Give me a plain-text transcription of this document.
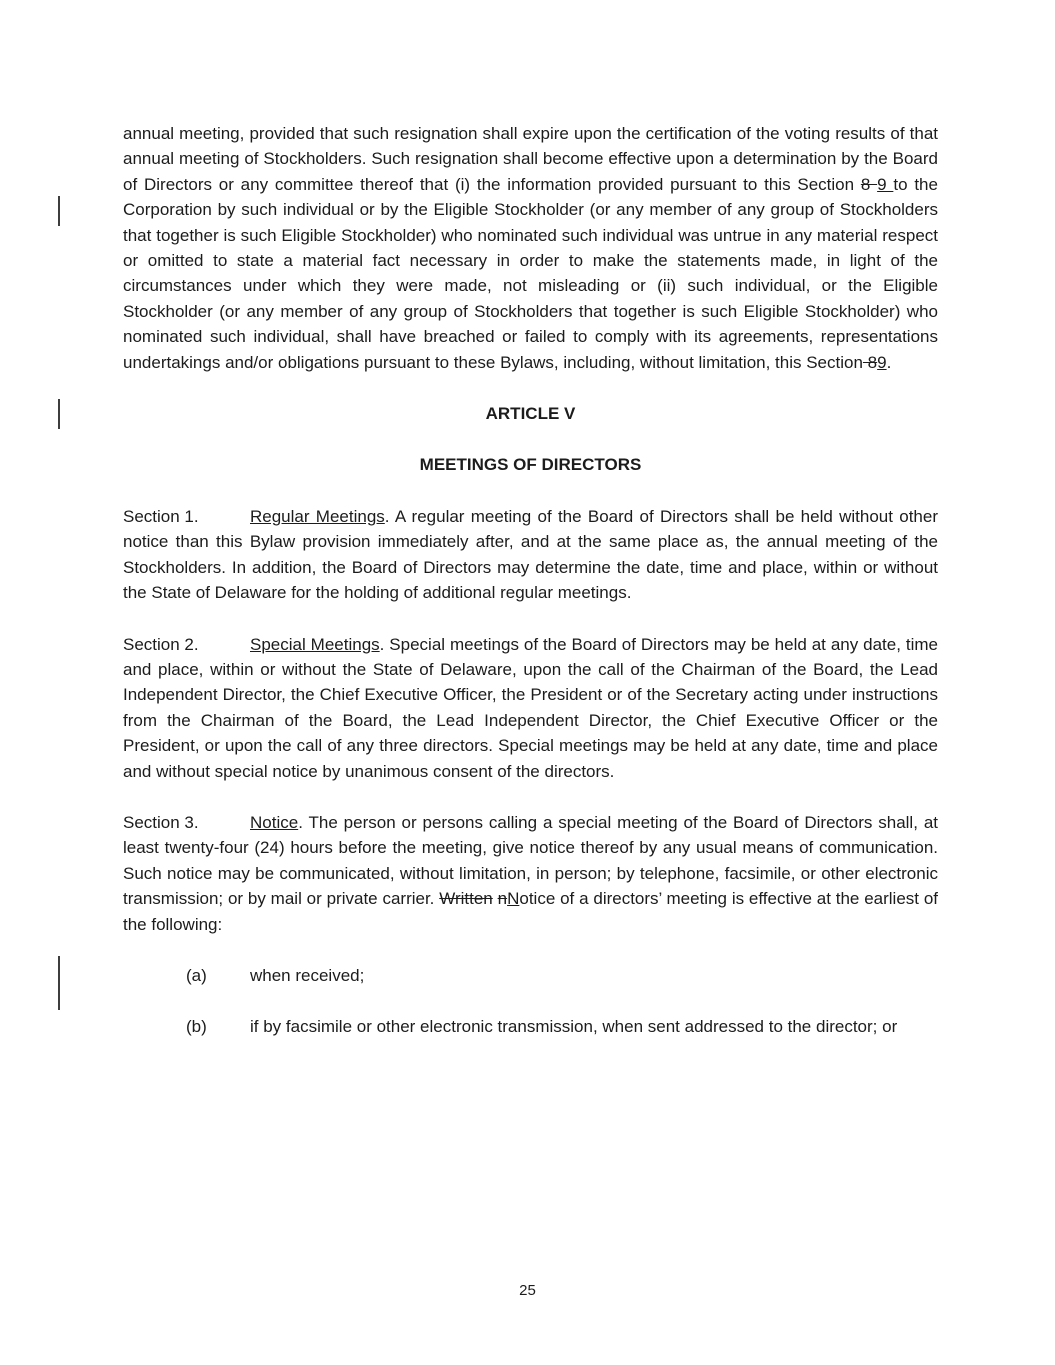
annual meeting, provided that such resignation shall expire upon the certification of the voting results of that annual meeting of Stockholders. Such resignation shall become effective upon a determination by the Board of Directors or any committee thereof that (i) the information provided pursuant to this Section 8 9 to the Corporation by such individual or by the Eligible Stockholder (or any member of any group of Stockholders that together is such Eligible Stockholder) who nominated such individual was untrue in any material respect or omitted to state a material fact necessary in order to make the statements made, in light of the circumstances under which they were made, not misleading or (ii) such individual, or the Eligible Stockholder (or any member of any group of Stockholders that together is such Eligible Stockholder) who nominated such individual, shall have breached or failed to comply with its agreements, representations undertakings and/or obligations pursuant to these Bylaws, including, without limitation, this Section 89.

ARTICLE V
MEETINGS OF DIRECTORS

Section 1.	Regular Meetings. A regular meeting of the Board of Directors shall be held without other notice than this Bylaw provision immediately after, and at the same place as, the annual meeting of the Stockholders. In addition, the Board of Directors may determine the date, time and place, within or without the State of Delaware for the holding of additional regular meetings.

Section 2.	Special Meetings. Special meetings of the Board of Directors may be held at any date, time and place, within or without the State of Delaware, upon the call of the Chairman of the Board, the Lead Independent Director, the Chief Executive Officer, the President or of the Secretary acting under instructions from the Chairman of the Board, the Lead Independent Director, the Chief Executive Officer or the President, or upon the call of any three directors. Special meetings may be held at any date, time and place and without special notice by unanimous consent of the directors.

Section 3.	Notice. The person or persons calling a special meeting of the Board of Directors shall, at least twenty-four (24) hours before the meeting, give notice thereof by any usual means of communication. Such notice may be communicated, without limitation, in person; by telephone, facsimile, or other electronic transmission; or by mail or private carrier. Written nNotice of a directors’ meeting is effective at the earliest of the following:

(a)	when received;
(b)	if by facsimile or other electronic transmission, when sent addressed to the director; or
25
